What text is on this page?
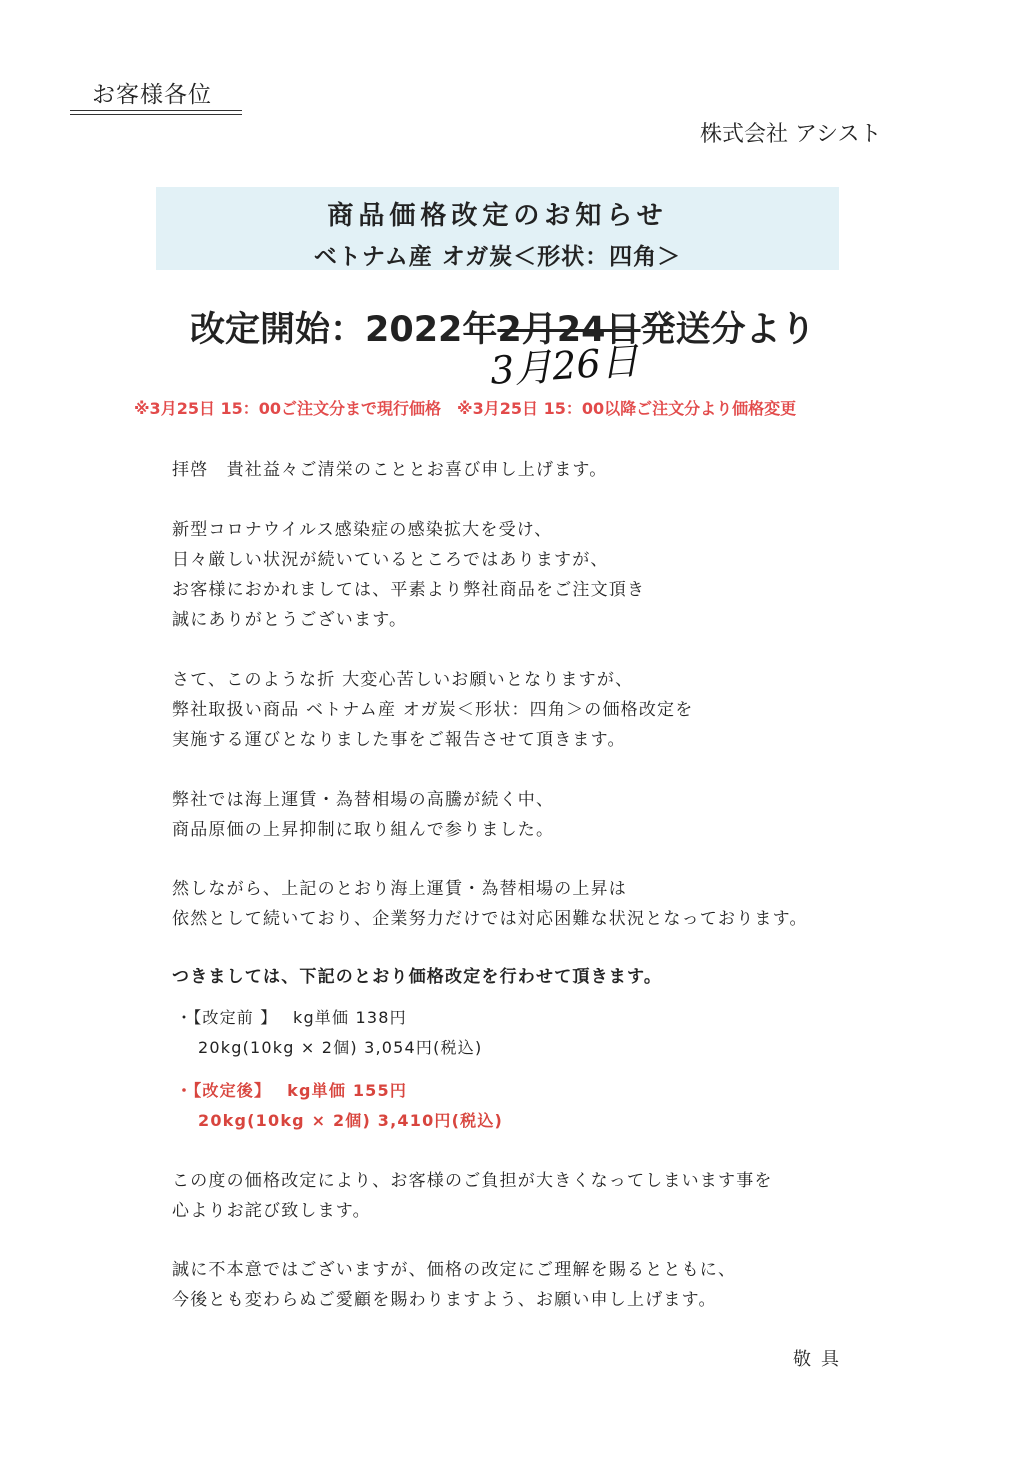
お客様各位
株式会社 アシスト
商品価格改定のお知らせ
ベトナム産 オガ炭＜形状：四角＞
改定開始：2022年2月24日発送分より
3月26日
※3月25日 15：00ご注文分まで現行価格　※3月25日 15：00以降ご注文分より価格変更
拝啓　貴社益々ご清栄のこととお喜び申し上げます。
新型コロナウイルス感染症の感染拡大を受け、
日々厳しい状況が続いているところではありますが、
お客様におかれましては、平素より弊社商品をご注文頂き
誠にありがとうございます。
さて、このような折 大変心苦しいお願いとなりますが、
弊社取扱い商品 ベトナム産 オガ炭＜形状：四角＞の価格改定を
実施する運びとなりました事をご報告させて頂きます。
弊社では海上運賃・為替相場の高騰が続く中、
商品原価の上昇抑制に取り組んで参りました。
然しながら、上記のとおり海上運賃・為替相場の上昇は
依然として続いており、企業努力だけでは対応困難な状況となっております。
つきましては、下記のとおり価格改定を行わせて頂きます。
・【改定前 】　 kg単価 138円
20kg(10kg × 2個) 3,054円(税込)
・【改定後】　 kg単価 155円
20kg(10kg × 2個) 3,410円(税込)
この度の価格改定により、お客様のご負担が大きくなってしまいます事を
心よりお詫び致します。
誠に不本意ではございますが、価格の改定にご理解を賜るとともに、
今後とも変わらぬご愛顧を賜わりますよう、お願い申し上げます。
敬具
